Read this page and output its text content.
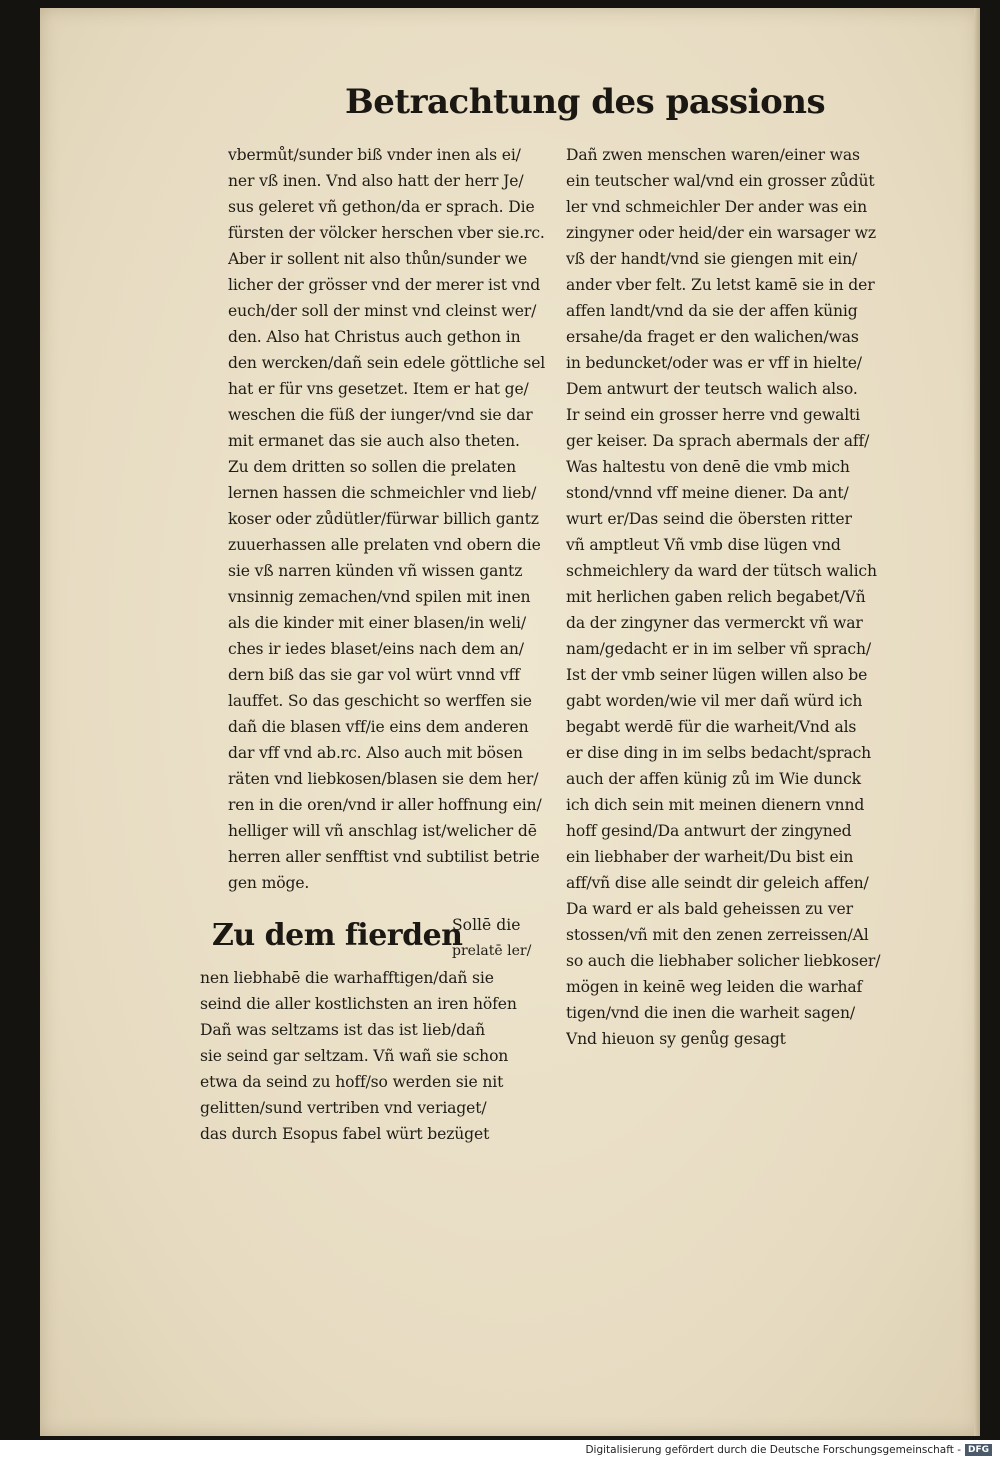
Betrachtung des passions
vbermůt/sunder biß vnder inen als ei/
ner vß inen. Vnd also hatt der herr Je/
sus geleret vñ gethon/da er sprach. Die
fürsten der völcker herschen vber sie.rc.
Aber ir sollent nit also thůn/sunder we
licher der grösser vnd der merer ist vnd
euch/der soll der minst vnd cleinst wer/
den. Also hat Christus auch gethon in
den wercken/dañ sein edele göttliche sel
hat er für vns gesetzet. Item er hat ge/
weschen die füß der iunger/vnd sie dar
mit ermanet das sie auch also theten.
Zu dem dritten so sollen die prelaten
lernen hassen die schmeichler vnd lieb/
koser oder zůdütler/fürwar billich gantz
zuuerhassen alle prelaten vnd obern die
sie vß narren künden vñ wissen gantz
vnsinnig zemachen/vnd spilen mit inen
als die kinder mit einer blasen/in weli/
ches ir iedes blaset/eins nach dem an/
dern biß das sie gar vol würt vnnd vff
lauffet. So das geschicht so werffen sie
dañ die blasen vff/ie eins dem anderen
dar vff vnd ab.rc. Also auch mit bösen
räten vnd liebkosen/blasen sie dem her/
ren in die oren/vnd ir aller hoffnung ein/
helliger will vñ anschlag ist/welicher dē
herren aller senfftist vnd subtilist betrie
gen möge.
Zu dem fierden
Sollē die
prelatē ler/
nen liebhabē die warhafftigen/dañ sie
seind die aller kostlichsten an iren höfen
Dañ was seltzams ist das ist lieb/dañ
sie seind gar seltzam. Vñ wañ sie schon
etwa da seind zu hoff/so werden sie nit
gelitten/sund vertriben vnd veriaget/
das durch Esopus fabel würt bezüget
Dañ zwen menschen waren/einer was
ein teutscher wal/vnd ein grosser zůdüt
ler vnd schmeichler Der ander was ein
zingyner oder heid/der ein warsager wz
vß der handt/vnd sie giengen mit ein/
ander vber felt. Zu letst kamē sie in der
affen landt/vnd da sie der affen künig
ersahe/da fraget er den walichen/was
in beduncket/oder was er vff in hielte/
Dem antwurt der teutsch walich also.
Ir seind ein grosser herre vnd gewalti
ger keiser. Da sprach abermals der aff/
Was haltestu von denē die vmb mich
stond/vnnd vff meine diener. Da ant/
wurt er/Das seind die öbersten ritter
vñ amptleut Vñ vmb dise lügen vnd
schmeichlery da ward der tütsch walich
mit herlichen gaben relich begabet/Vñ
da der zingyner das vermerckt vñ war
nam/gedacht er in im selber vñ sprach/
Ist der vmb seiner lügen willen also be
gabt worden/wie vil mer dañ würd ich
begabt werdē für die warheit/Vnd als
er dise ding in im selbs bedacht/sprach
auch der affen künig zů im Wie dunck
ich dich sein mit meinen dienern vnnd
hoff gesind/Da antwurt der zingyned
ein liebhaber der warheit/Du bist ein
aff/vñ dise alle seindt dir geleich affen/
Da ward er als bald geheissen zu ver
stossen/vñ mit den zenen zerreissen/Al
so auch die liebhaber solicher liebkoser/
mögen in keinē weg leiden die warhaf
tigen/vnd die inen die warheit sagen/
Vnd hieuon sy genůg gesagt
Digitalisierung gefördert durch die Deutsche Forschungsgemeinschaft - DFG
